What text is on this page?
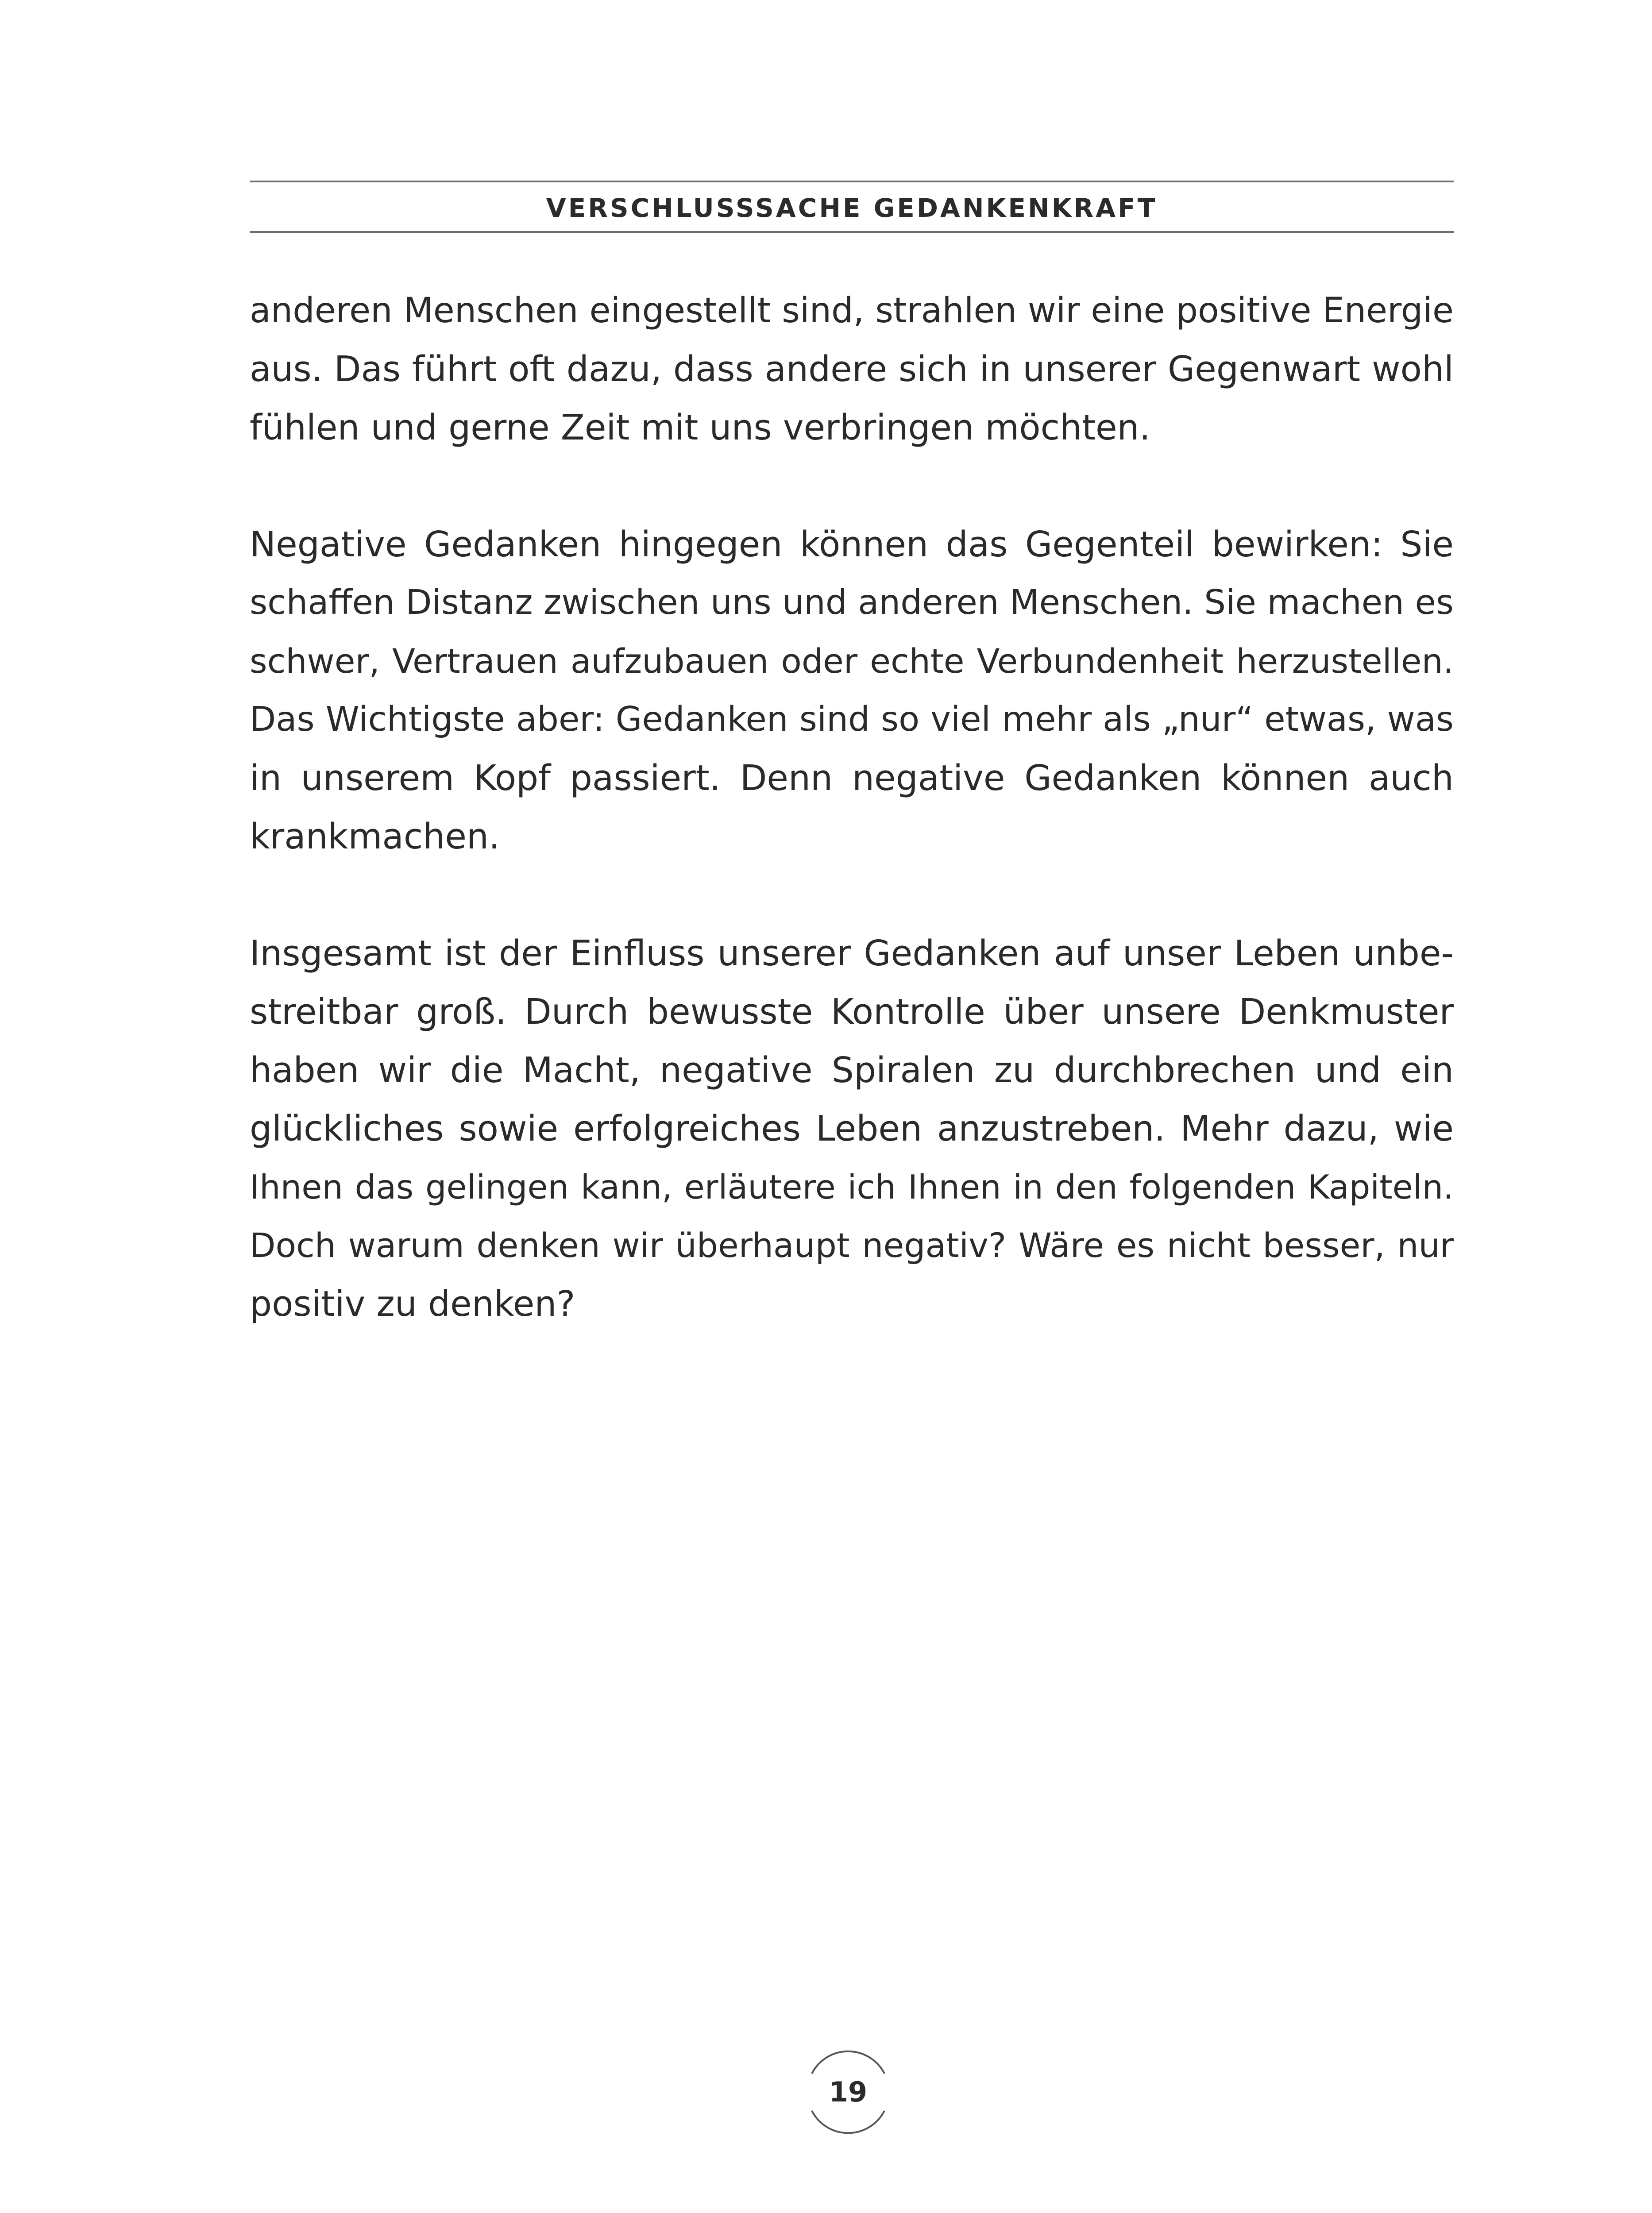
VERSCHLUSSSACHE GEDANKENKRAFT

anderen Menschen eingestellt sind, strahlen wir eine positive Energie
aus. Das führt oft dazu, dass andere sich in unserer Gegenwart wohl
fühlen und gerne Zeit mit uns verbringen möchten.

Negative Gedanken hingegen können das Gegenteil bewirken: Sie
schaffen Distanz zwischen uns und anderen Menschen. Sie machen es
schwer, Vertrauen aufzubauen oder echte Verbundenheit herzustellen.
Das Wichtigste aber: Gedanken sind so viel mehr als „nur“ etwas, was
in unserem Kopf passiert. Denn negative Gedanken können auch
krankmachen.

Insgesamt ist der Einfluss unserer Gedanken auf unser Leben unbe-
streitbar groß. Durch bewusste Kontrolle über unsere Denkmuster
haben wir die Macht, negative Spiralen zu durchbrechen und ein
glückliches sowie erfolgreiches Leben anzustreben. Mehr dazu, wie
Ihnen das gelingen kann, erläutere ich Ihnen in den folgenden Kapiteln.
Doch warum denken wir überhaupt negativ? Wäre es nicht besser, nur
positiv zu denken?

19
